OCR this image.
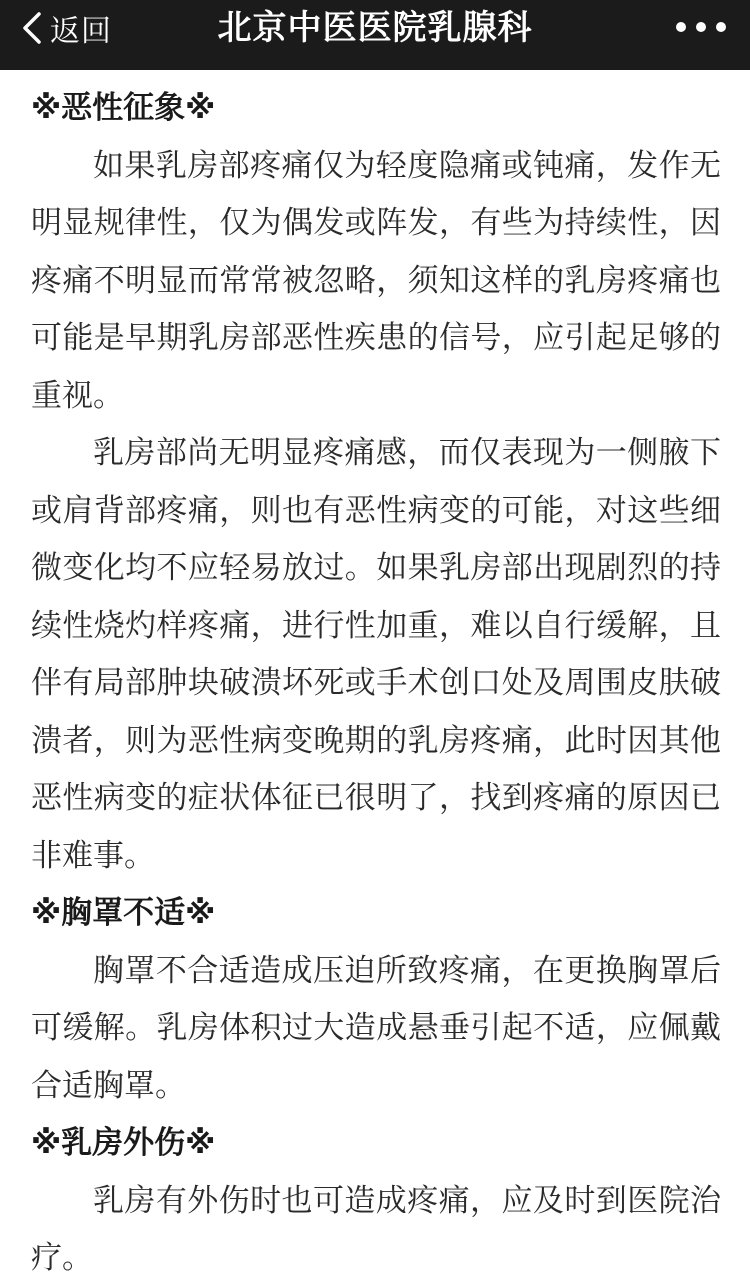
返回	北京中医医院乳腺科
※恶性征象※
如果乳房部疼痛仅为轻度隐痛或钝痛，发作无明显规律性，仅为偶发或阵发，有些为持续性，因疼痛不明显而常常被忽略，须知这样的乳房疼痛也可能是早期乳房部恶性疾患的信号，应引起足够的重视。
乳房部尚无明显疼痛感，而仅表现为一侧腋下或肩背部疼痛，则也有恶性病变的可能，对这些细微变化均不应轻易放过。如果乳房部出现剧烈的持续性烧灼样疼痛，进行性加重，难以自行缓解，且伴有局部肿块破溃坏死或手术创口处及周围皮肤破溃者，则为恶性病变晚期的乳房疼痛，此时因其他恶性病变的症状体征已很明了，找到疼痛的原因已非难事。
※胸罩不适※
胸罩不合适造成压迫所致疼痛，在更换胸罩后可缓解。乳房体积过大造成悬垂引起不适，应佩戴合适胸罩。
※乳房外伤※
乳房有外伤时也可造成疼痛，应及时到医院治疗。
